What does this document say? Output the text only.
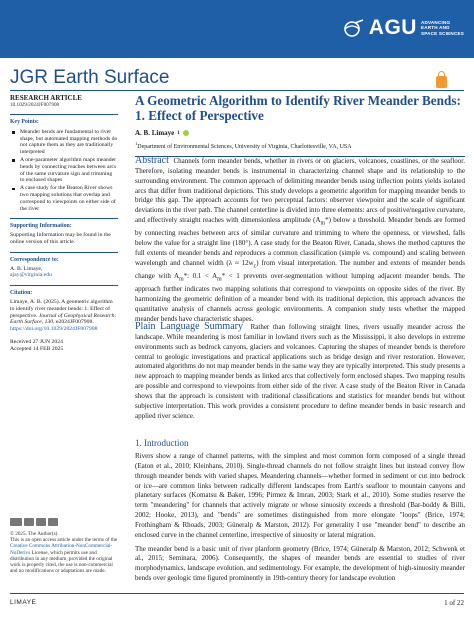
AGU ADVANCING
EARTH AND
SPACE SCIENCES
JGR Earth Surface
RESEARCH ARTICLE
10.1029/2024JF007908
Key Points:
Meander bends are fundamental to river shape, but automated mapping methods do not capture them as they are traditionally interpreted
A one-parameter algorithm maps meander bends by connecting reaches between arcs of the same curvature sign and trimming to enclosed shapes
A case study for the Beaton River shows two mapping solutions that overlap and correspond to viewpoints on either side of the river
Supporting Information:
Supporting Information may be found in the online version of this article.
Correspondence to:
A. B. Limaye,
ajay@virginia.edu
Citation:
Limaye, A. B. (2025). A geometric algorithm to identify river meander bends: 1. Effect of perspective. Journal of Geophysical Research: Earth Surface, 130, e2024JF007908. https://doi.org/10.1029/2024JF007908
Received 27 JUN 2024
Accepted 14 FEB 2025
A Geometric Algorithm to Identify River Meander Bends: 1. Effect of Perspective
A. B. Limaye 1
$^1$Department of Environmental Sciences, University of Virginia, Charlottesville, VA, USA
Abstract Channels form meander bends, whether in rivers or on glaciers, volcanoes, coastlines, or the seafloor. Therefore, isolating meander bends is instrumental in characterizing channel shape and its relationship to the surrounding environment. The common approach of delimiting meander bends using inflection points yields isolated arcs that differ from traditional depictions. This study develops a geometric algorithm for mapping meander bends to bridge this gap. The approach accounts for two perceptual factors: observer viewpoint and the scale of significant deviations in the river path. The channel centerline is divided into three elements: arcs of positive/negative curvature, and effectively straight reaches with dimensionless amplitude $(A_m*)$ below a threshold. Meander bends are formed by connecting reaches between arcs of similar curvature and trimming to where the openness, or viewshed, falls below the value for a straight line (180°). A case study for the Beaton River, Canada, shows the method captures the full extents of meander bends and reproduces a common classification (simple vs. compound) and scaling between wavelength and channel width $(\lambda \approx 12w_c)$ from visual interpretation. The number and extents of meander bends change with $A_m*$: $0.1 < A_m* < 1$ prevents over-segmentation without lumping adjacent meander bends. The approach further indicates two mapping solutions that correspond to viewpoints on opposite sides of the river. By harmonizing the geometric definition of a meander bend with its traditional depiction, this approach advances the quantitative analysis of channels across geologic environments. A companion study tests whether the mapped meander bends have characteristic shapes.
Plain Language Summary Rather than following straight lines, rivers usually meander across the landscape. While meandering is most familiar in lowland rivers such as the Mississippi, it also develops in extreme environments such as bedrock canyons, glaciers and volcanoes. Capturing the shapes of meander bends is therefore central to geologic investigations and practical applications such as bridge design and river restoration. However, automated algorithms do not map meander bends in the same way they are typically interpreted. This study presents a new approach to mapping meander bends as linked arcs that collectively form enclosed shapes. Two mapping results are possible and correspond to viewpoints from either side of the river. A case study of the Beaton River in Canada shows that the approach is consistent with traditional classifications and statistics for meander bends but without subjective interpretation. This work provides a consistent procedure to define meander bends in basic research and applied river science.
1. Introduction
Rivers show a range of channel patterns, with the simplest and most common form composed of a single thread (Eaton et al., 2010; Kleinhans, 2010). Single-thread channels do not follow straight lines but instead convey flow through meander bends with varied shapes. Meandering channels—whether formed in sediment or cut into bedrock or ice—are common links between radically different landscapes from Earth's seafloor to mountain canyons and planetary surfaces (Komatsu & Baker, 1996; Pirmez & Imran, 2003; Stark et al., 2010). Some studies reserve the term "meandering" for channels that actively migrate or whose sinuosity exceeds a threshold (Bar-boddy & Billi, 2002; Hooke, 2013), and "bends" are sometimes distinguished from more elongate "loops" (Brice, 1974; Frothingham & Rhoads, 2003; Güneralp & Marston, 2012). For generality I use "meander bend" to describe an enclosed curve in the channel centerline, irrespective of sinuosity or lateral migration.
The meander bend is a basic unit of river planform geometry (Brice, 1974; Güneralp & Marston, 2012; Schwenk et al., 2015; Seminara, 2006). Consequently, the shapes of meander bends are essential to studies of river morphodynamics, landscape evolution, and sedimentology. For example, the development of high-sinuosity meander bends over geologic time figured prominently in 19th-century theory for landscape evolution
© 2025. The Author(s).
This is an open access article under the terms of the Creative Commons Attribution-NonCommercial-NoDerivs License, which permits use and distribution in any medium, provided the original work is properly cited, the use is non-commercial and no modifications or adaptations are made.
LIMAYE	1 of 22
